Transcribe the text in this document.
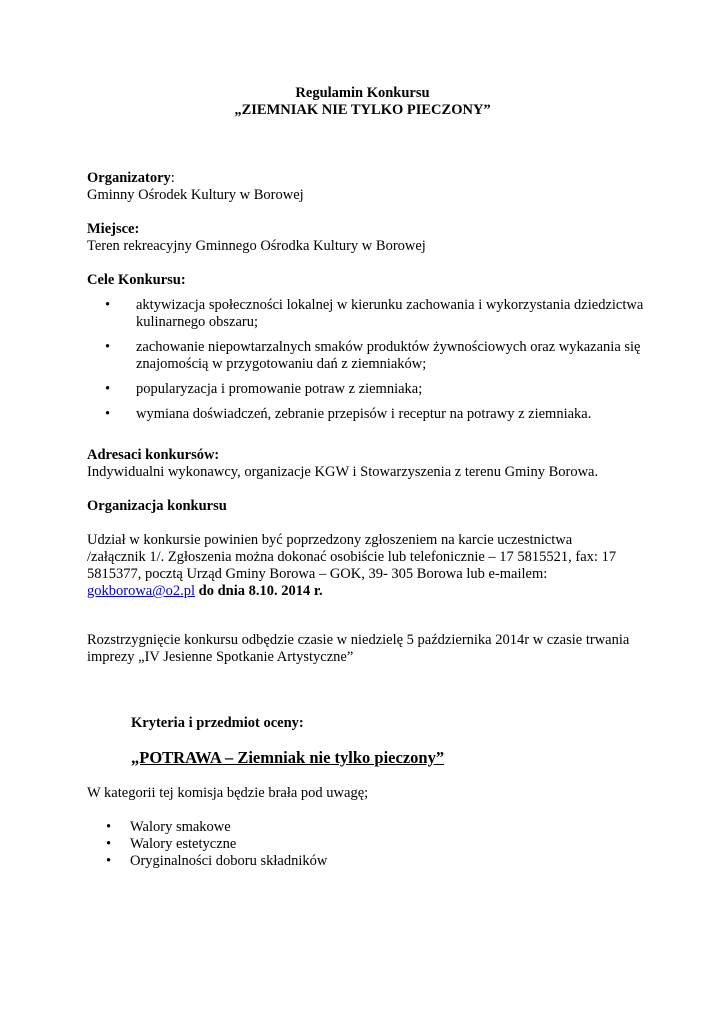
Regulamin Konkursu
„ZIEMNIAK NIE TYLKO PIECZONY”
Organizatory:
Gminny Ośrodek Kultury w Borowej
Miejsce:
Teren rekreacyjny Gminnego Ośrodka Kultury w Borowej
Cele Konkursu:
• aktywizacja społeczności lokalnej w kierunku zachowania i wykorzystania dziedzictwa kulinarnego obszaru;
• zachowanie niepowtarzalnych smaków produktów żywnościowych oraz wykazania się znajomością w przygotowaniu dań z ziemniaków;
• popularyzacja i promowanie potraw z ziemniaka;
• wymiana doświadczeń, zebranie przepisów i receptur na potrawy z ziemniaka.
Adresaci konkursów:
Indywidualni wykonawcy, organizacje KGW i Stowarzyszenia z terenu Gminy Borowa.
Organizacja konkursu
Udział w konkursie powinien być poprzedzony zgłoszeniem na karcie uczestnictwa /załącznik 1/. Zgłoszenia można dokonać osobiście lub telefonicznie – 17 5815521, fax: 17 5815377, pocztą Urząd Gminy Borowa – GOK, 39- 305 Borowa lub e-mailem: gokborowa@o2.pl do dnia 8.10. 2014 r.
Rozstrzygnięcie konkursu odbędzie czasie w niedzielę 5 października 2014r w czasie trwania imprezy „IV Jesienne Spotkanie Artystyczne”
Kryteria i przedmiot oceny:
„POTRAWA – Ziemniak nie tylko pieczony”
W kategorii tej komisja będzie brała pod uwagę;
• Walory smakowe
• Walory estetyczne
• Oryginalności doboru składników
